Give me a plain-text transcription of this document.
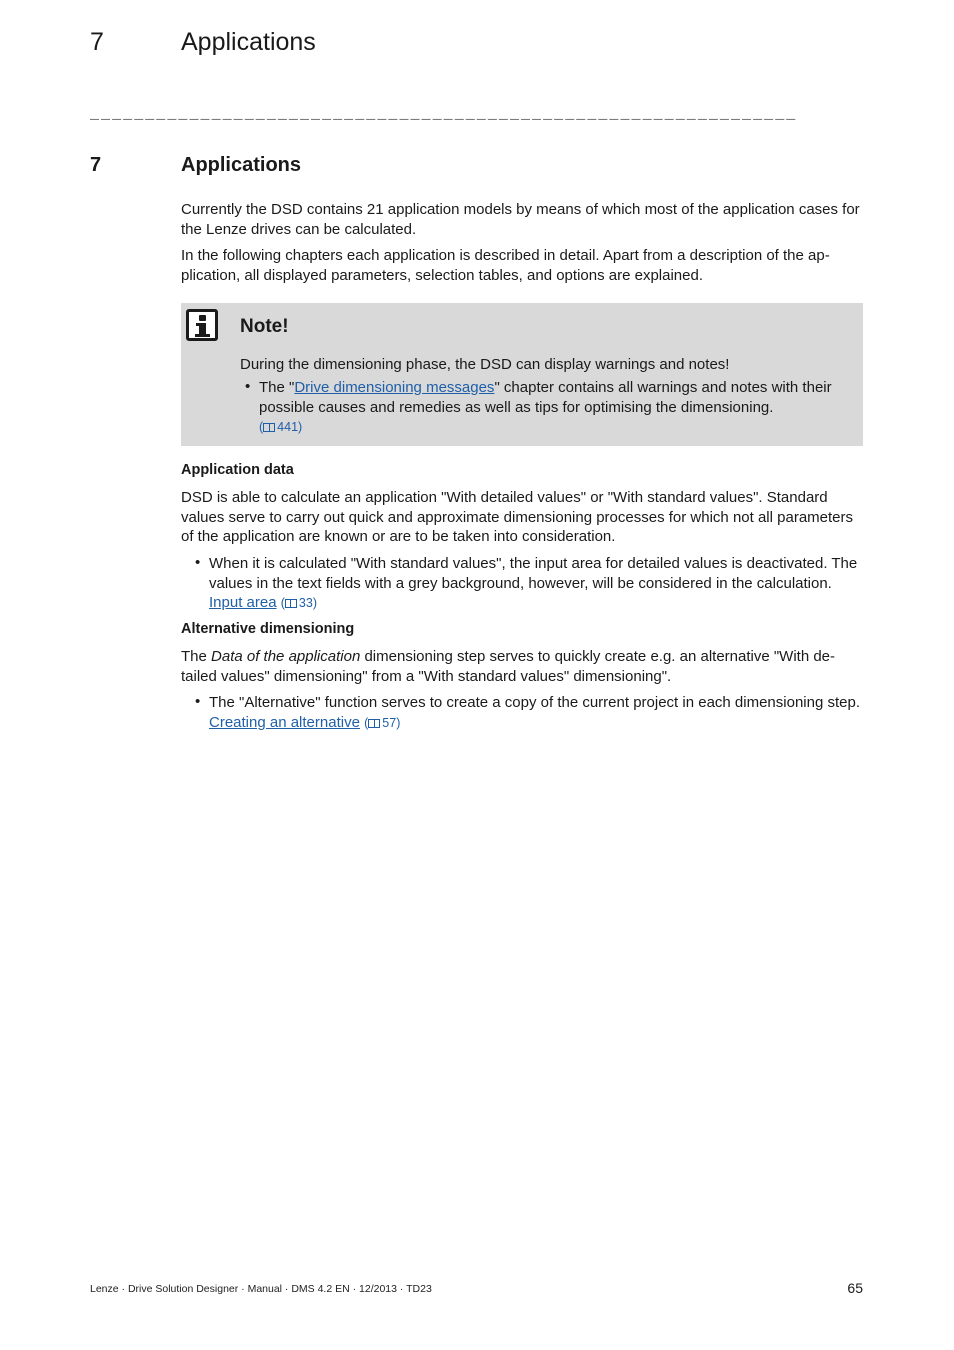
7	Applications
________________________________________________________________
7	Applications
Currently the DSD contains 21 application models by means of which most of the application cases for the Lenze drives can be calculated.
In the following chapters each application is described in detail. Apart from a description of the application, all displayed parameters, selection tables, and options are explained.
Note!
During the dimensioning phase, the DSD can display warnings and notes!
• The "Drive dimensioning messages" chapter contains all warnings and notes with their possible causes and remedies as well as tips for optimising the dimensioning.
( 441)
Application data
DSD is able to calculate an application "With detailed values" or "With standard values". Standard values serve to carry out quick and approximate dimensioning processes for which not all parameters of the application are known or are to be taken into consideration.
• When it is calculated "With standard values", the input area for detailed values is deactivated. The values in the text fields with a grey background, however, will be considered in the calculation. Input area ( 33)
Alternative dimensioning
The Data of the application dimensioning step serves to quickly create e.g. an alternative "With detailed values" dimensioning" from a "With standard values" dimensioning".
• The "Alternative" function serves to create a copy of the current project in each dimensioning step. Creating an alternative ( 57)
Lenze · Drive Solution Designer · Manual · DMS 4.2 EN · 12/2013 · TD23	65
